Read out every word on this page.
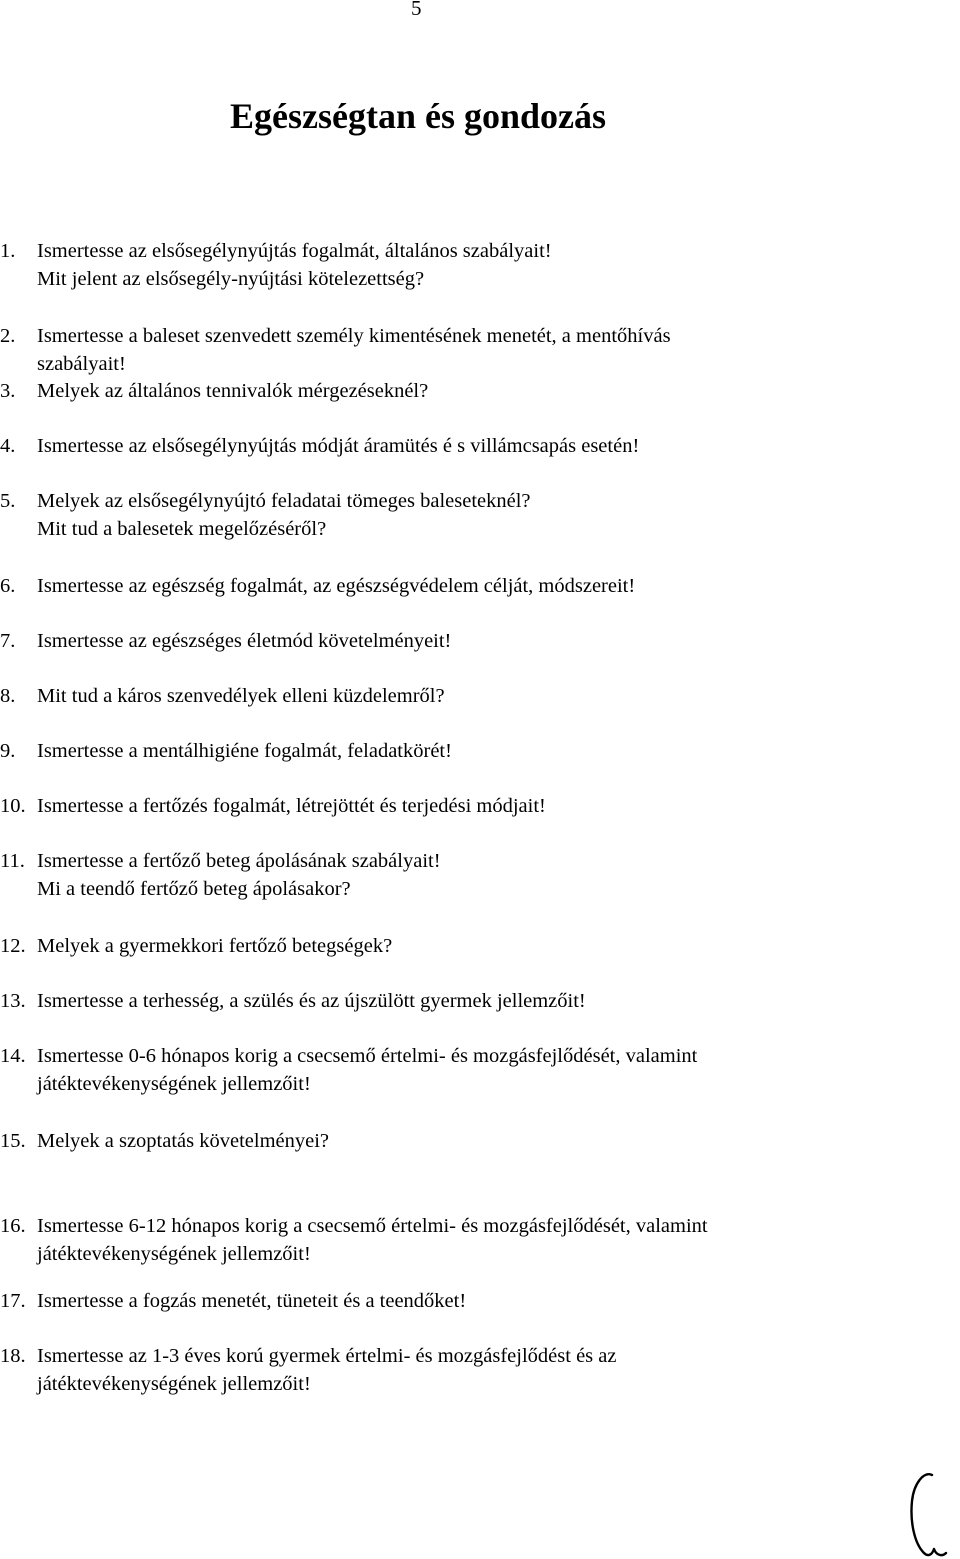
5
Egészségtan és gondozás
1.	Ismertesse az elsősegélynyújtás fogalmát, általános szabályait!
Mit jelent az elsősegély-nyújtási kötelezettség?
2.	Ismertesse a baleset szenvedett személy kimentésének menetét, a mentőhívás
szabályait!
3.	Melyek az általános tennivalók mérgezéseknél?
4.	Ismertesse az elsősegélynyújtás módját áramütés é s villámcsapás esetén!
5.	Melyek az elsősegélynyújtó feladatai tömeges baleseteknél?
Mit tud a balesetek megelőzéséről?
6.	Ismertesse az egészség fogalmát, az egészségvédelem célját, módszereit!
7.	Ismertesse az egészséges életmód követelményeit!
8.	Mit tud a káros szenvedélyek elleni küzdelemről?
9.	Ismertesse a mentálhigiéne fogalmát, feladatkörét!
10. Ismertesse a fertőzés fogalmát, létrejöttét és terjedési módjait!
11. Ismertesse a fertőző beteg ápolásának szabályait!
Mi a teendő fertőző beteg ápolásakor?
12. Melyek a gyermekkori fertőző betegségek?
13. Ismertesse a terhesség, a szülés és az újszülött gyermek jellemzőit!
14. Ismertesse 0-6 hónapos korig a csecsemő értelmi- és mozgásfejlődését, valamint
játéktevékenységének jellemzőit!
15. Melyek a szoptatás követelményei?
16. Ismertesse 6-12 hónapos korig a csecsemő értelmi- és mozgásfejlődését, valamint
játéktevékenységének jellemzőit!
17. Ismertesse a fogzás menetét, tüneteit és a teendőket!
18. Ismertesse az 1-3 éves korú gyermek értelmi- és mozgásfejlődést és az
játéktevékenységének jellemzőit!
